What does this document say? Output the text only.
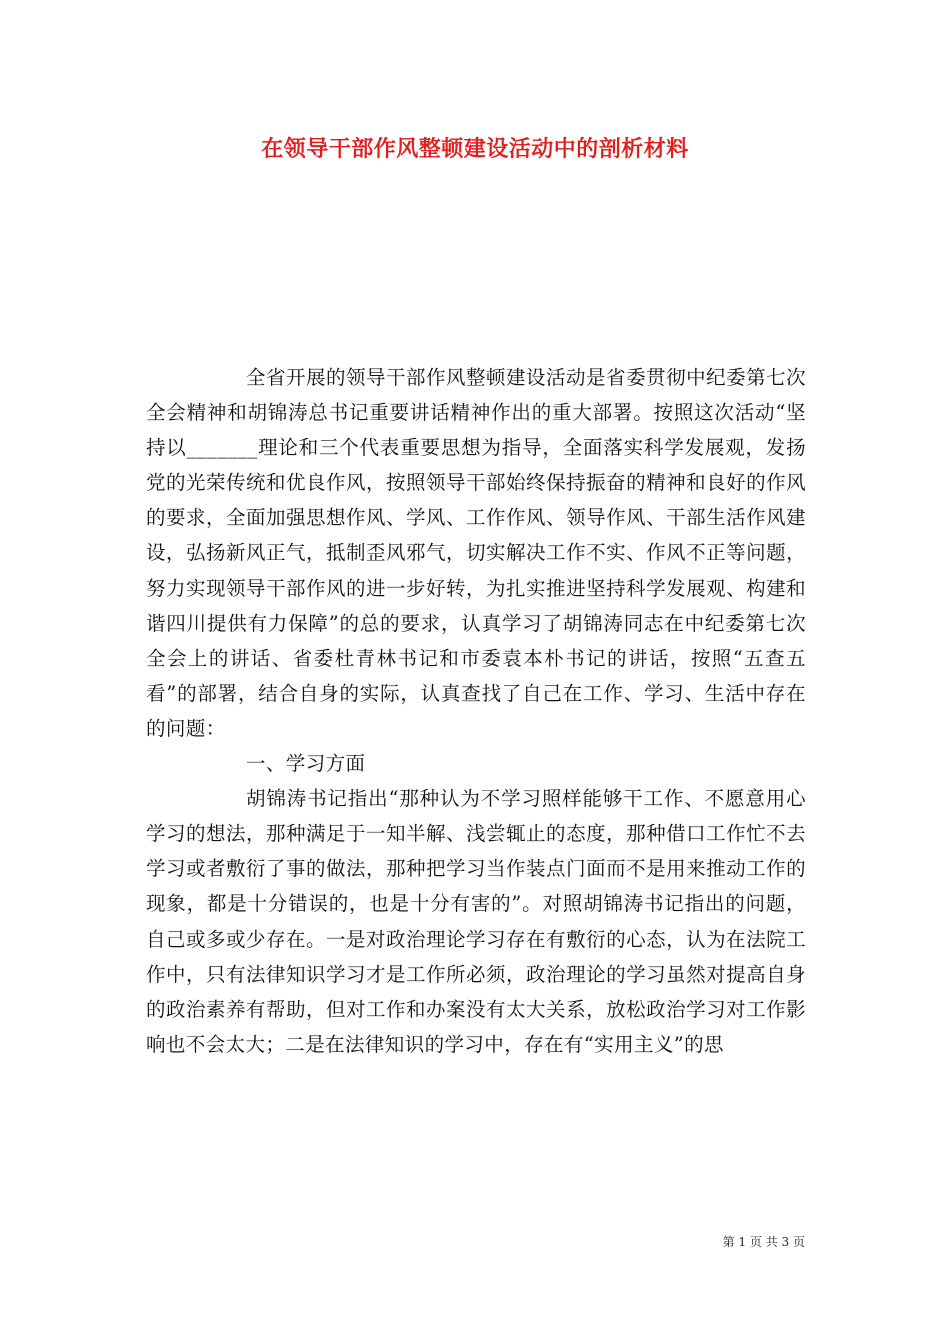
在领导干部作风整顿建设活动中的剖析材料

全省开展的领导干部作风整顿建设活动是省委贯彻中纪委第七次全会精神和胡锦涛总书记重要讲话精神作出的重大部署。按照这次活动“坚持以_______理论和三个代表重要思想为指导，全面落实科学发展观，发扬党的光荣传统和优良作风，按照领导干部始终保持振奋的精神和良好的作风的要求，全面加强思想作风、学风、工作作风、领导作风、干部生活作风建设，弘扬新风正气，抵制歪风邪气，切实解决工作不实、作风不正等问题，努力实现领导干部作风的进一步好转，为扎实推进坚持科学发展观、构建和谐四川提供有力保障”的总的要求，认真学习了胡锦涛同志在中纪委第七次全会上的讲话、省委杜青林书记和市委袁本朴书记的讲话，按照“五查五看”的部署，结合自身的实际，认真查找了自己在工作、学习、生活中存在的问题：

一、学习方面

胡锦涛书记指出“那种认为不学习照样能够干工作、不愿意用心学习的想法，那种满足于一知半解、浅尝辄止的态度，那种借口工作忙不去学习或者敷衍了事的做法，那种把学习当作装点门面而不是用来推动工作的现象，都是十分错误的，也是十分有害的”。对照胡锦涛书记指出的问题，自己或多或少存在。一是对政治理论学习存在有敷衍的心态，认为在法院工作中，只有法律知识学习才是工作所必须，政治理论的学习虽然对提高自身的政治素养有帮助，但对工作和办案没有太大关系，放松政治学习对工作影响也不会太大；二是在法律知识的学习中，存在有“实用主义”的思

第 1 页 共 3 页
